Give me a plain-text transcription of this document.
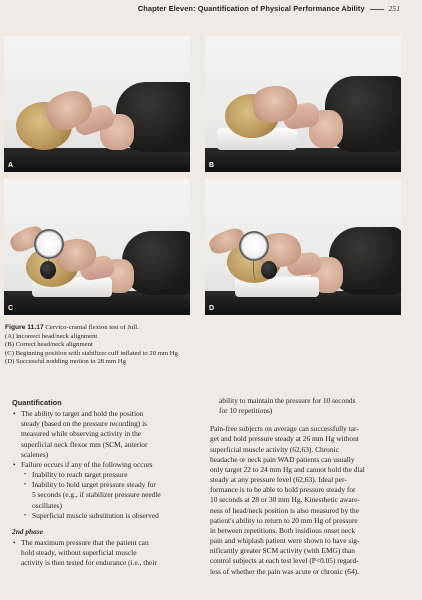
Chapter Eleven: Quantification of Physical Performance Ability	251
A	B
C	D
Figure 11.17 Cervico-cranial flexion test of Jull.
(A) Incorrect head/neck alignment
(B) Correct head/neck alignment
(C) Beginning position with stabilizer cuff inflated to 20 mm Hg
(D) Successful nodding motion to 28 mm Hg
Quantification
• The ability to target and hold the position
steady (based on the pressure recording) is
measured while observing activity in the
superficial neck flexor mm (SCM, anterior
scalenes)
• Failure occurs if any of the following occurs
• Inability to reach target pressure
• Inability to hold target pressure steady for
5 seconds (e.g., if stabilizer pressure needle
oscillates)
• Superficial muscle substitution is observed
2nd phase
• The maximum pressure that the patient can
hold steady, without superficial muscle
activity is then tested for endurance (i.e., their
ability to maintain the pressure for 10 seconds
for 10 repetitions)
Pain-free subjects on average can successfully tar-
get and hold pressure steady at 26 mm Hg without
superficial muscle activity (62,63). Chronic
headache or neck pain WAD patients can usually
only target 22 to 24 mm Hg and cannot hold the dial
steady at any pressure level (62,63). Ideal per-
formance is to be able to hold pressure steady for
10 seconds at 28 or 30 mm Hg. Kinesthetic aware-
ness of head/neck position is also measured by the
patient's ability to return to 20 mm Hg of pressure
in between repetitions. Both insidious onset neck
pain and whiplash patient were shown to have sig-
nificantly greater SCM activity (with EMG) than
control subjects at each test level (P<0.05) regard-
less of whether the pain was acute or chronic (64).
